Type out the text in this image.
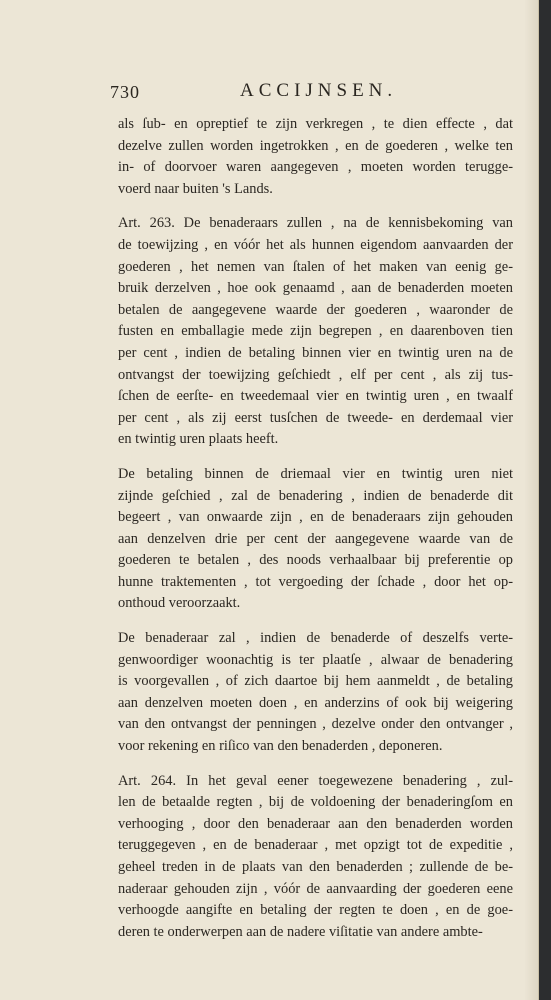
730	ACCIJNSEN.
als ſub- en opreptief te zijn verkregen , te dien effecte , dat
dezelve zullen worden ingetrokken , en de goederen , welke ten
in- of doorvoer waren aangegeven , moeten worden terugge-
voerd naar buiten 's Lands.
Art. 263. De benaderaars zullen , na de kennisbekoming van
de toewijzing , en vóór het als hunnen eigendom aanvaarden der
goederen , het nemen van ſtalen of het maken van eenig ge-
bruik derzelven , hoe ook genaamd , aan de benaderden moeten
betalen de aangegevene waarde der goederen , waaronder de
fusten en emballagie mede zijn begrepen , en daarenboven tien
per cent , indien de betaling binnen vier en twintig uren na de
ontvangst der toewijzing geſchiedt , elf per cent , als zij tus-
ſchen de eerſte- en tweedemaal vier en twintig uren , en twaalf
per cent , als zij eerst tusſchen de tweede- en derdemaal vier
en twintig uren plaats heeft.
De betaling binnen de driemaal vier en twintig uren niet
zijnde geſchied , zal de benadering , indien de benaderde dit
begeert , van onwaarde zijn , en de benaderaars zijn gehouden
aan denzelven drie per cent der aangegevene waarde van de
goederen te betalen , des noods verhaalbaar bij preferentie op
hunne traktementen , tot vergoeding der ſchade , door het op-
onthoud veroorzaakt.
De benaderaar zal , indien de benaderde of deszelfs verte-
genwoordiger woonachtig is ter plaatſe , alwaar de benadering
is voorgevallen , of zich daartoe bij hem aanmeldt , de betaling
aan denzelven moeten doen , en anderzins of ook bij weigering
van den ontvangst der penningen , dezelve onder den ontvanger ,
voor rekening en riſico van den benaderden , deponeren.
Art. 264. In het geval eener toegewezene benadering , zul-
len de betaalde regten , bij de voldoening der benaderingſom en
verhooging , door den benaderaar aan den benaderden worden
teruggegeven , en de benaderaar , met opzigt tot de expeditie ,
geheel treden in de plaats van den benaderden ; zullende de be-
naderaar gehouden zijn , vóór de aanvaarding der goederen eene
verhoogde aangifte en betaling der regten te doen , en de goe-
deren te onderwerpen aan de nadere viſitatie van andere ambte-
